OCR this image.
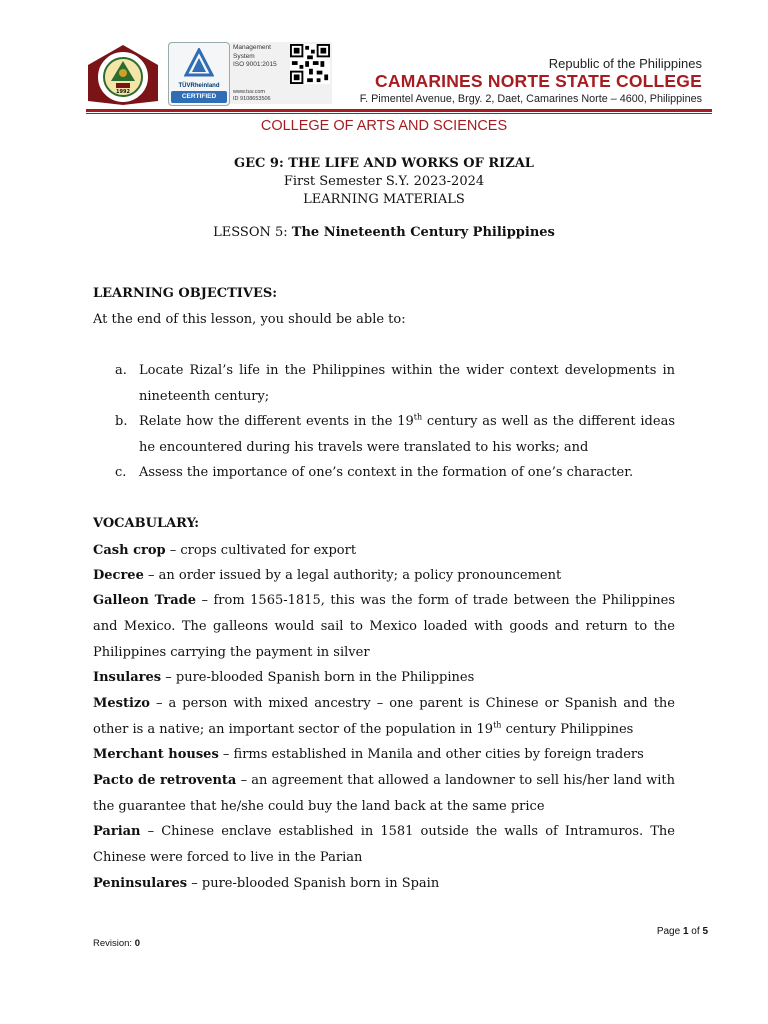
1992
TÜVRheinland
CERTIFIED
Management
System
ISO 9001:2015
www.tuv.com
ID 9108653506
Republic of the Philippines
CAMARINES NORTE STATE COLLEGE
F. Pimentel Avenue, Brgy. 2, Daet, Camarines Norte – 4600, Philippines
COLLEGE OF ARTS AND SCIENCES
GEC 9: THE LIFE AND WORKS OF RIZAL
First Semester S.Y. 2023-2024
LEARNING MATERIALS
LESSON 5: The Nineteenth Century Philippines
LEARNING OBJECTIVES:
At the end of this lesson, you should be able to:
a. Locate Rizal’s life in the Philippines within the wider context developments in nineteenth century;
b. Relate how the different events in the 19th century as well as the different ideas he encountered during his travels were translated to his works; and
c. Assess the importance of one’s context in the formation of one’s character.
VOCABULARY:
Cash crop – crops cultivated for export
Decree – an order issued by a legal authority; a policy pronouncement
Galleon Trade – from 1565-1815, this was the form of trade between the Philippines and Mexico. The galleons would sail to Mexico loaded with goods and return to the Philippines carrying the payment in silver
Insulares – pure-blooded Spanish born in the Philippines
Mestizo – a person with mixed ancestry – one parent is Chinese or Spanish and the other is a native; an important sector of the population in 19th century Philippines
Merchant houses – firms established in Manila and other cities by foreign traders
Pacto de retroventa – an agreement that allowed a landowner to sell his/her land with the guarantee that he/she could buy the land back at the same price
Parian – Chinese enclave established in 1581 outside the walls of Intramuros. The Chinese were forced to live in the Parian
Peninsulares – pure-blooded Spanish born in Spain
Page 1 of 5
Revision: 0
